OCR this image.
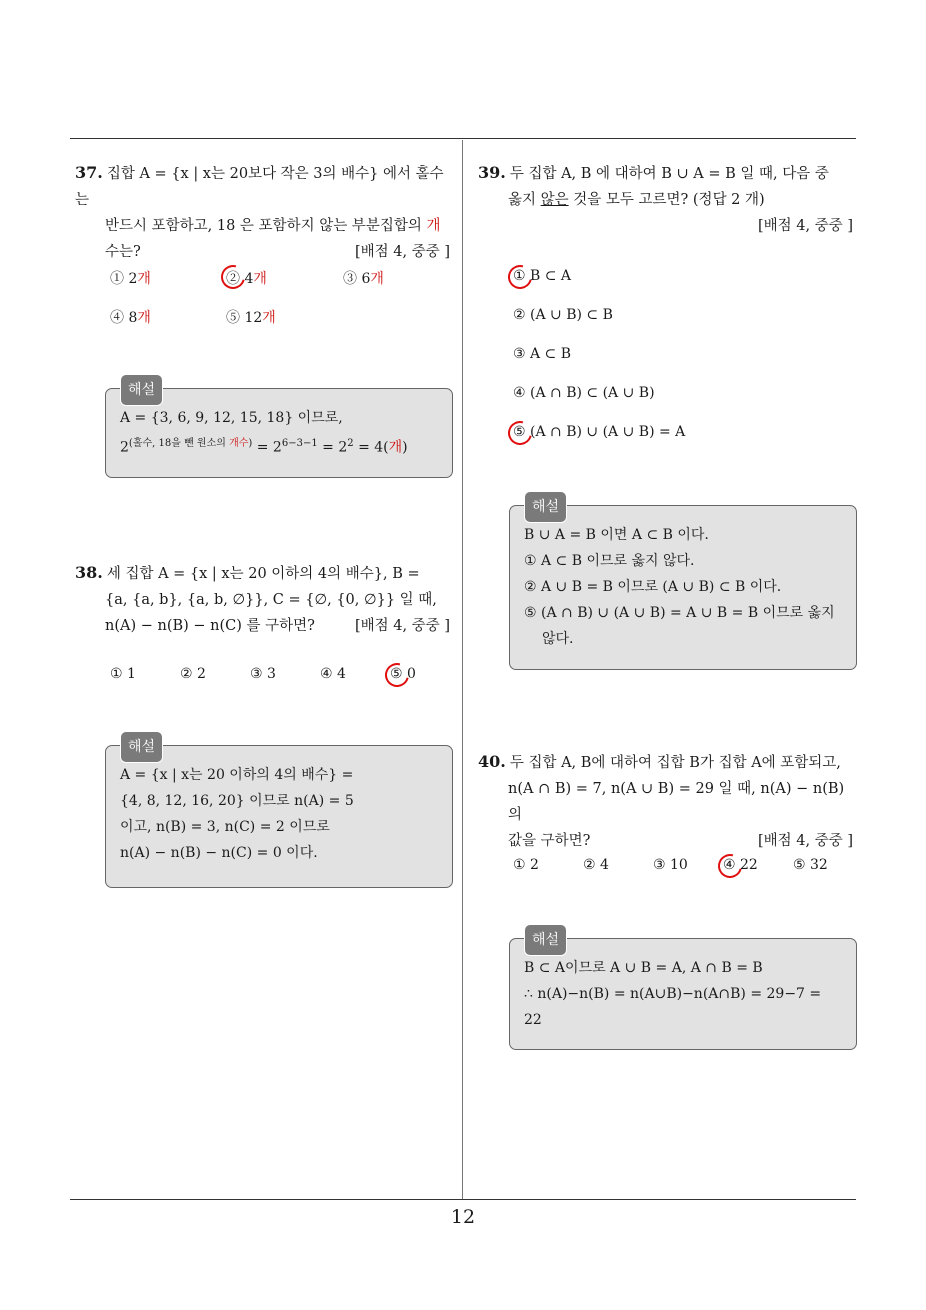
37. 집합 A = {x | x는 20보다 작은 3의 배수} 에서 홀수는
반드시 포함하고, 18 은 포함하지 않는 부분집합의 개
수는?	[배점 4, 중중 ]
① 2개	② 4개	③ 6개
④ 8개	⑤ 12개
해설
A = {3, 6, 9, 12, 15, 18} 이므로,
$2^{(홀수, 18을 뺀 원소의 개수)} = 2^{6-3-1} = 2^2 = 4$(개)
38. 세 집합 A = {x | x는 20 이하의 4의 배수}, B =
{a, {a, b}, {a, b, ∅}}, C = {∅, {0, ∅}} 일 때,
n(A) − n(B) − n(C) 를 구하면?	[배점 4, 중중 ]
① 1	② 2	③ 3	④ 4	⑤ 0
해설
A = {x | x는 20 이하의 4의 배수} =
{4, 8, 12, 16, 20} 이므로 n(A) = 5
이고, n(B) = 3, n(C) = 2 이므로
n(A) − n(B) − n(C) = 0 이다.
39. 두 집합 A, B 에 대하여 B ∪ A = B 일 때, 다음 중
옳지 않은 것을 모두 고르면? (정답 2 개)
[배점 4, 중중 ]
① B ⊂ A
② (A ∪ B) ⊂ B
③ A ⊂ B
④ (A ∩ B) ⊂ (A ∪ B)
⑤ (A ∩ B) ∪ (A ∪ B) = A
해설
B ∪ A = B 이면 A ⊂ B 이다.
① A ⊂ B 이므로 옳지 않다.
② A ∪ B = B 이므로 (A ∪ B) ⊂ B 이다.
⑤ (A ∩ B) ∪ (A ∪ B) = A ∪ B = B 이므로 옳지
않다.
40. 두 집합 A, B에 대하여 집합 B가 집합 A에 포함되고,
n(A ∩ B) = 7, n(A ∪ B) = 29 일 때, n(A) − n(B) 의
값을 구하면?	[배점 4, 중중 ]
① 2	② 4	③ 10	④ 22	⑤ 32
해설
B ⊂ A이므로 A ∪ B = A, A ∩ B = B
∴ n(A)−n(B) = n(A∪B)−n(A∩B) = 29−7 =
22
12
